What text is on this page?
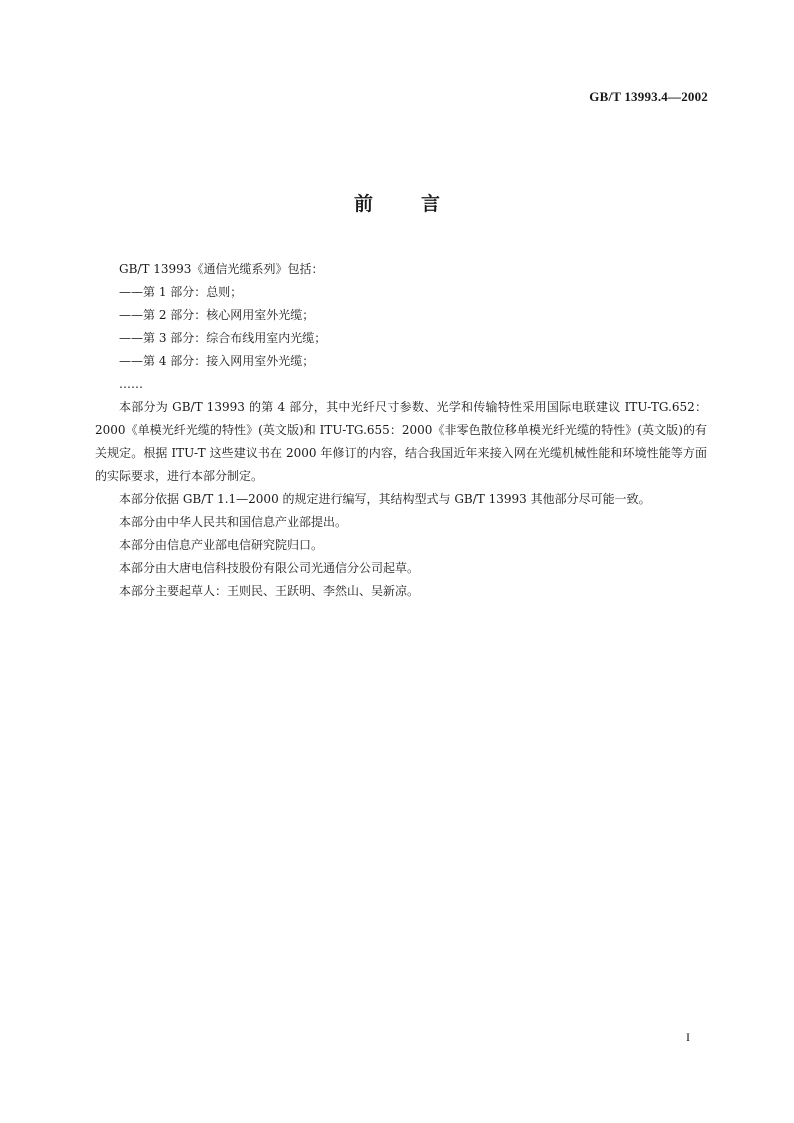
GB/T 13993.4—2002
前	言

GB/T 13993《通信光缆系列》包括：

——第 1 部分：总则；

——第 2 部分：核心网用室外光缆；

——第 3 部分：综合布线用室内光缆；

——第 4 部分：接入网用室外光缆；

……

本部分为 GB/T 13993 的第 4 部分，其中光纤尺寸参数、光学和传输特性采用国际电联建议 ITU-TG.652：2000《单模光纤光缆的特性》(英文版)和 ITU-TG.655：2000《非零色散位移单模光纤光缆的特性》(英文版)的有关规定。根据 ITU-T 这些建议书在 2000 年修订的内容，结合我国近年来接入网在光缆机械性能和环境性能等方面的实际要求，进行本部分制定。

本部分依据 GB/T 1.1—2000 的规定进行编写，其结构型式与 GB/T 13993 其他部分尽可能一致。

本部分由中华人民共和国信息产业部提出。

本部分由信息产业部电信研究院归口。

本部分由大唐电信科技股份有限公司光通信分公司起草。

本部分主要起草人：王则民、王跃明、李然山、吴新凉。

I
